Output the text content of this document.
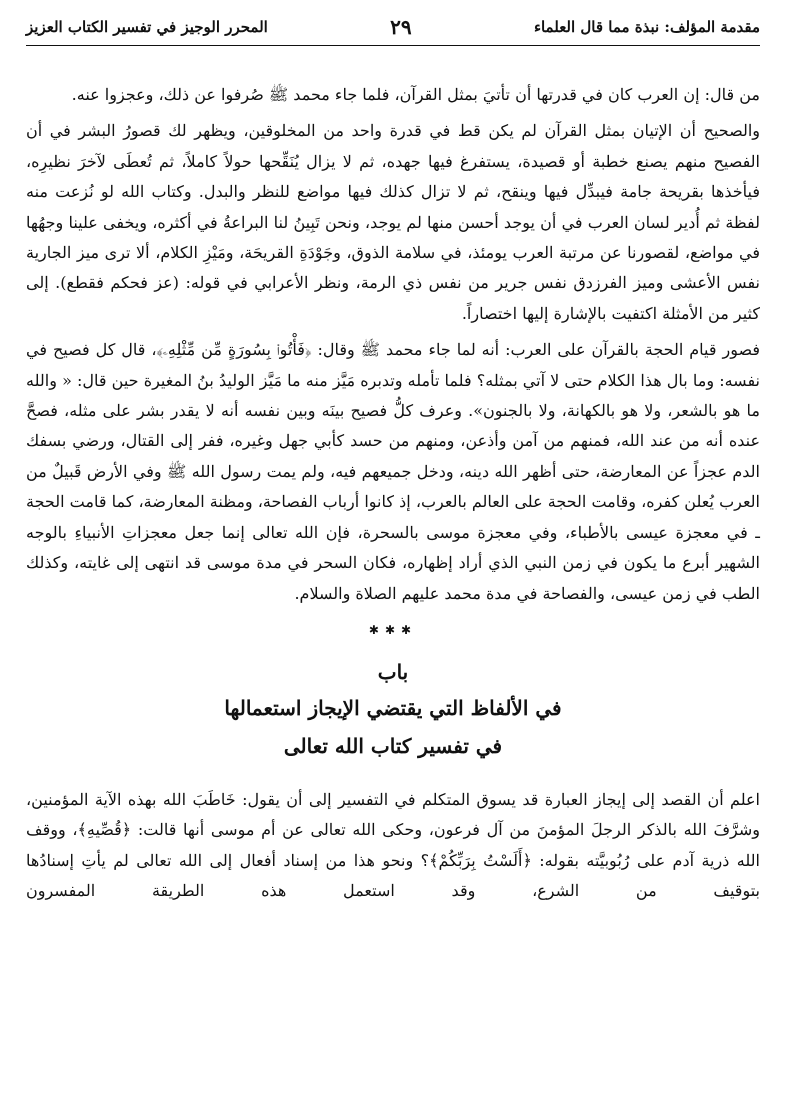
مقدمة المؤلف: نبذة مما قال العلماء
٢٩
المحرر الوجيز في تفسير الكتاب العزيز

من قال: إن العرب كان في قدرتها أن تأتيَ بمثل القرآن، فلما جاء محمد ﷺ صُرفوا عن ذلك، وعجزوا عنه.

والصحيح أن الإتيان بمثل القرآن لم يكن قط في قدرة واحد من المخلوقين، ويظهر لك قصورُ البشر في أن الفصيح منهم يصنع خطبة أو قصيدة، يستفرغ فيها جهده، ثم لا يزال يُنَقِّحها حولاً كاملاً، ثم تُعطَى لآخرَ نظيرِه، فيأخذها بقريحة جامة فيبدِّل فيها وينقح، ثم لا تزال كذلك فيها مواضع للنظر والبدل. وكتاب الله لو نُزعت منه لفظة ثم أُدير لسان العرب في أن يوجد أحسن منها لم يوجد، ونحن تَبِينُ لنا البراعةُ في أكثره، ويخفى علينا وجهُها في مواضع، لقصورنا عن مرتبة العرب يومئذ، في سلامة الذوق، وجَوْدَةِ القريحَة، ومَيْزِ الكلام، ألا ترى ميز الجارية نفس الأعشى وميز الفرزدق نفس جرير من نفس ذي الرمة، ونظر الأعرابي في قوله: (عز فحكم فقطع). إلى كثير من الأمثلة اكتفيت بالإشارة إليها اختصاراً.

فصور قيام الحجة بالقرآن على العرب: أنه لما جاء محمد ﷺ وقال: ﴿فَأْتُوا۟ بِسُورَةٍ مِّن مِّثْلِهِۦ﴾، قال كل فصيح في نفسه: وما بال هذا الكلام حتى لا آتي بمثله؟ فلما تأمله وتدبره مَيَّز منه ما مَيَّز الوليدُ بنُ المغيرة حين قال: « والله ما هو بالشعر، ولا هو بالكهانة، ولا بالجنون». وعرف كلُّ فصيح بينَه وبين نفسه أنه لا يقدر بشر على مثله، فصحَّ عنده أنه من عند الله، فمنهم من آمن وأذعن، ومنهم من حسد كأبي جهل وغيره، ففر إلى القتال، ورضي بسفك الدم عجزاً عن المعارضة، حتى أظهر الله دينه، ودخل جميعهم فيه، ولم يمت رسول الله ﷺ وفي الأرض قَبيلٌ من العرب يُعلن كفره، وقامت الحجة على العالم بالعرب، إذ كانوا أرباب الفصاحة، ومظنة المعارضة، كما قامت الحجة ـ في معجزة عيسى بالأطباء، وفي معجزة موسى بالسحرة، فإن الله تعالى إنما جعل معجزاتِ الأنبياءِ بالوجه الشهير أبرع ما يكون في زمن النبي الذي أراد إظهاره، فكان السحر في مدة موسى قد انتهى إلى غايته، وكذلك الطب في زمن عيسى، والفصاحة في مدة محمد عليهم الصلاة والسلام.

✱✱✱
باب
في الألفاظ التي يقتضي الإيجاز استعمالها
في تفسير كتاب الله تعالى

اعلم أن القصد إلى إيجاز العبارة قد يسوق المتكلم في التفسير إلى أن يقول: خَاطَبَ الله بهذه الآية المؤمنين، وشرَّفَ الله بالذكر الرجلَ المؤمنَ من آل فرعون، وحكى الله تعالى عن أم موسى أنها قالت: ﴿قُصِّيهِ﴾، ووقف الله ذرية آدم على رُبُوبيَّته بقوله: ﴿أَلَسْتُ بِرَبِّكُمْ﴾؟ ونحو هذا من إسناد أفعال إلى الله تعالى لم يأتِ إسنادُها بتوقيف من الشرع، وقد استعمل هذه الطريقة المفسرون
